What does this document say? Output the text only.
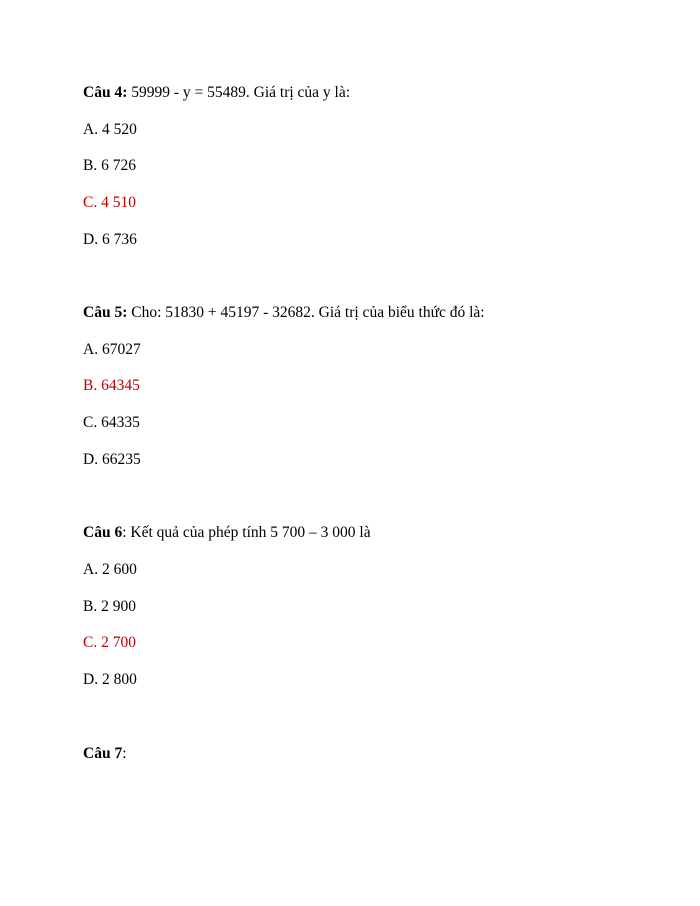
Câu 4: 59999 - y = 55489. Giá trị của y là:
A. 4 520
B. 6 726
C. 4 510
D. 6 736
Câu 5: Cho: 51830 + 45197 - 32682. Giá trị của biểu thức đó là:
A. 67027
B. 64345
C. 64335
D. 66235
Câu 6: Kết quả của phép tính 5 700 – 3 000 là
A. 2 600
B. 2 900
C. 2 700
D. 2 800
Câu 7:
